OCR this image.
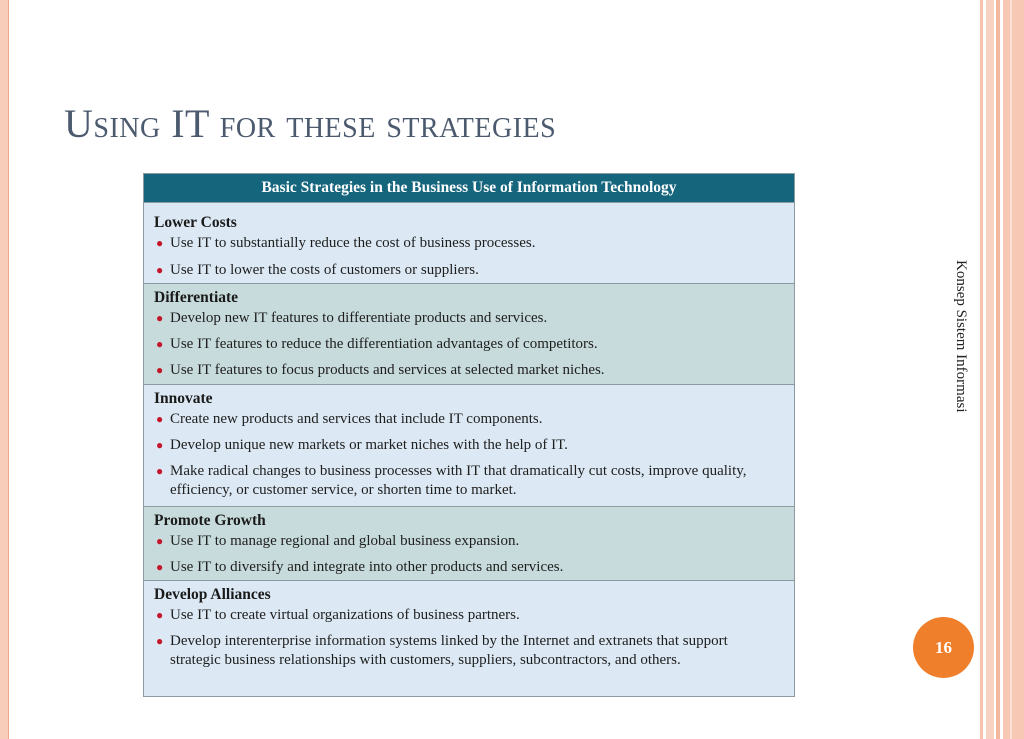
Using IT for these strategies
Basic Strategies in the Business Use of Information Technology
Lower Costs
● Use IT to substantially reduce the cost of business processes.
● Use IT to lower the costs of customers or suppliers.
Differentiate
● Develop new IT features to differentiate products and services.
● Use IT features to reduce the differentiation advantages of competitors.
● Use IT features to focus products and services at selected market niches.
Innovate
● Create new products and services that include IT components.
● Develop unique new markets or market niches with the help of IT.
● Make radical changes to business processes with IT that dramatically cut costs, improve quality, efficiency, or customer service, or shorten time to market.
Promote Growth
● Use IT to manage regional and global business expansion.
● Use IT to diversify and integrate into other products and services.
Develop Alliances
● Use IT to create virtual organizations of business partners.
● Develop interenterprise information systems linked by the Internet and extranets that support strategic business relationships with customers, suppliers, subcontractors, and others.
Konsep Sistem Informasi
16
